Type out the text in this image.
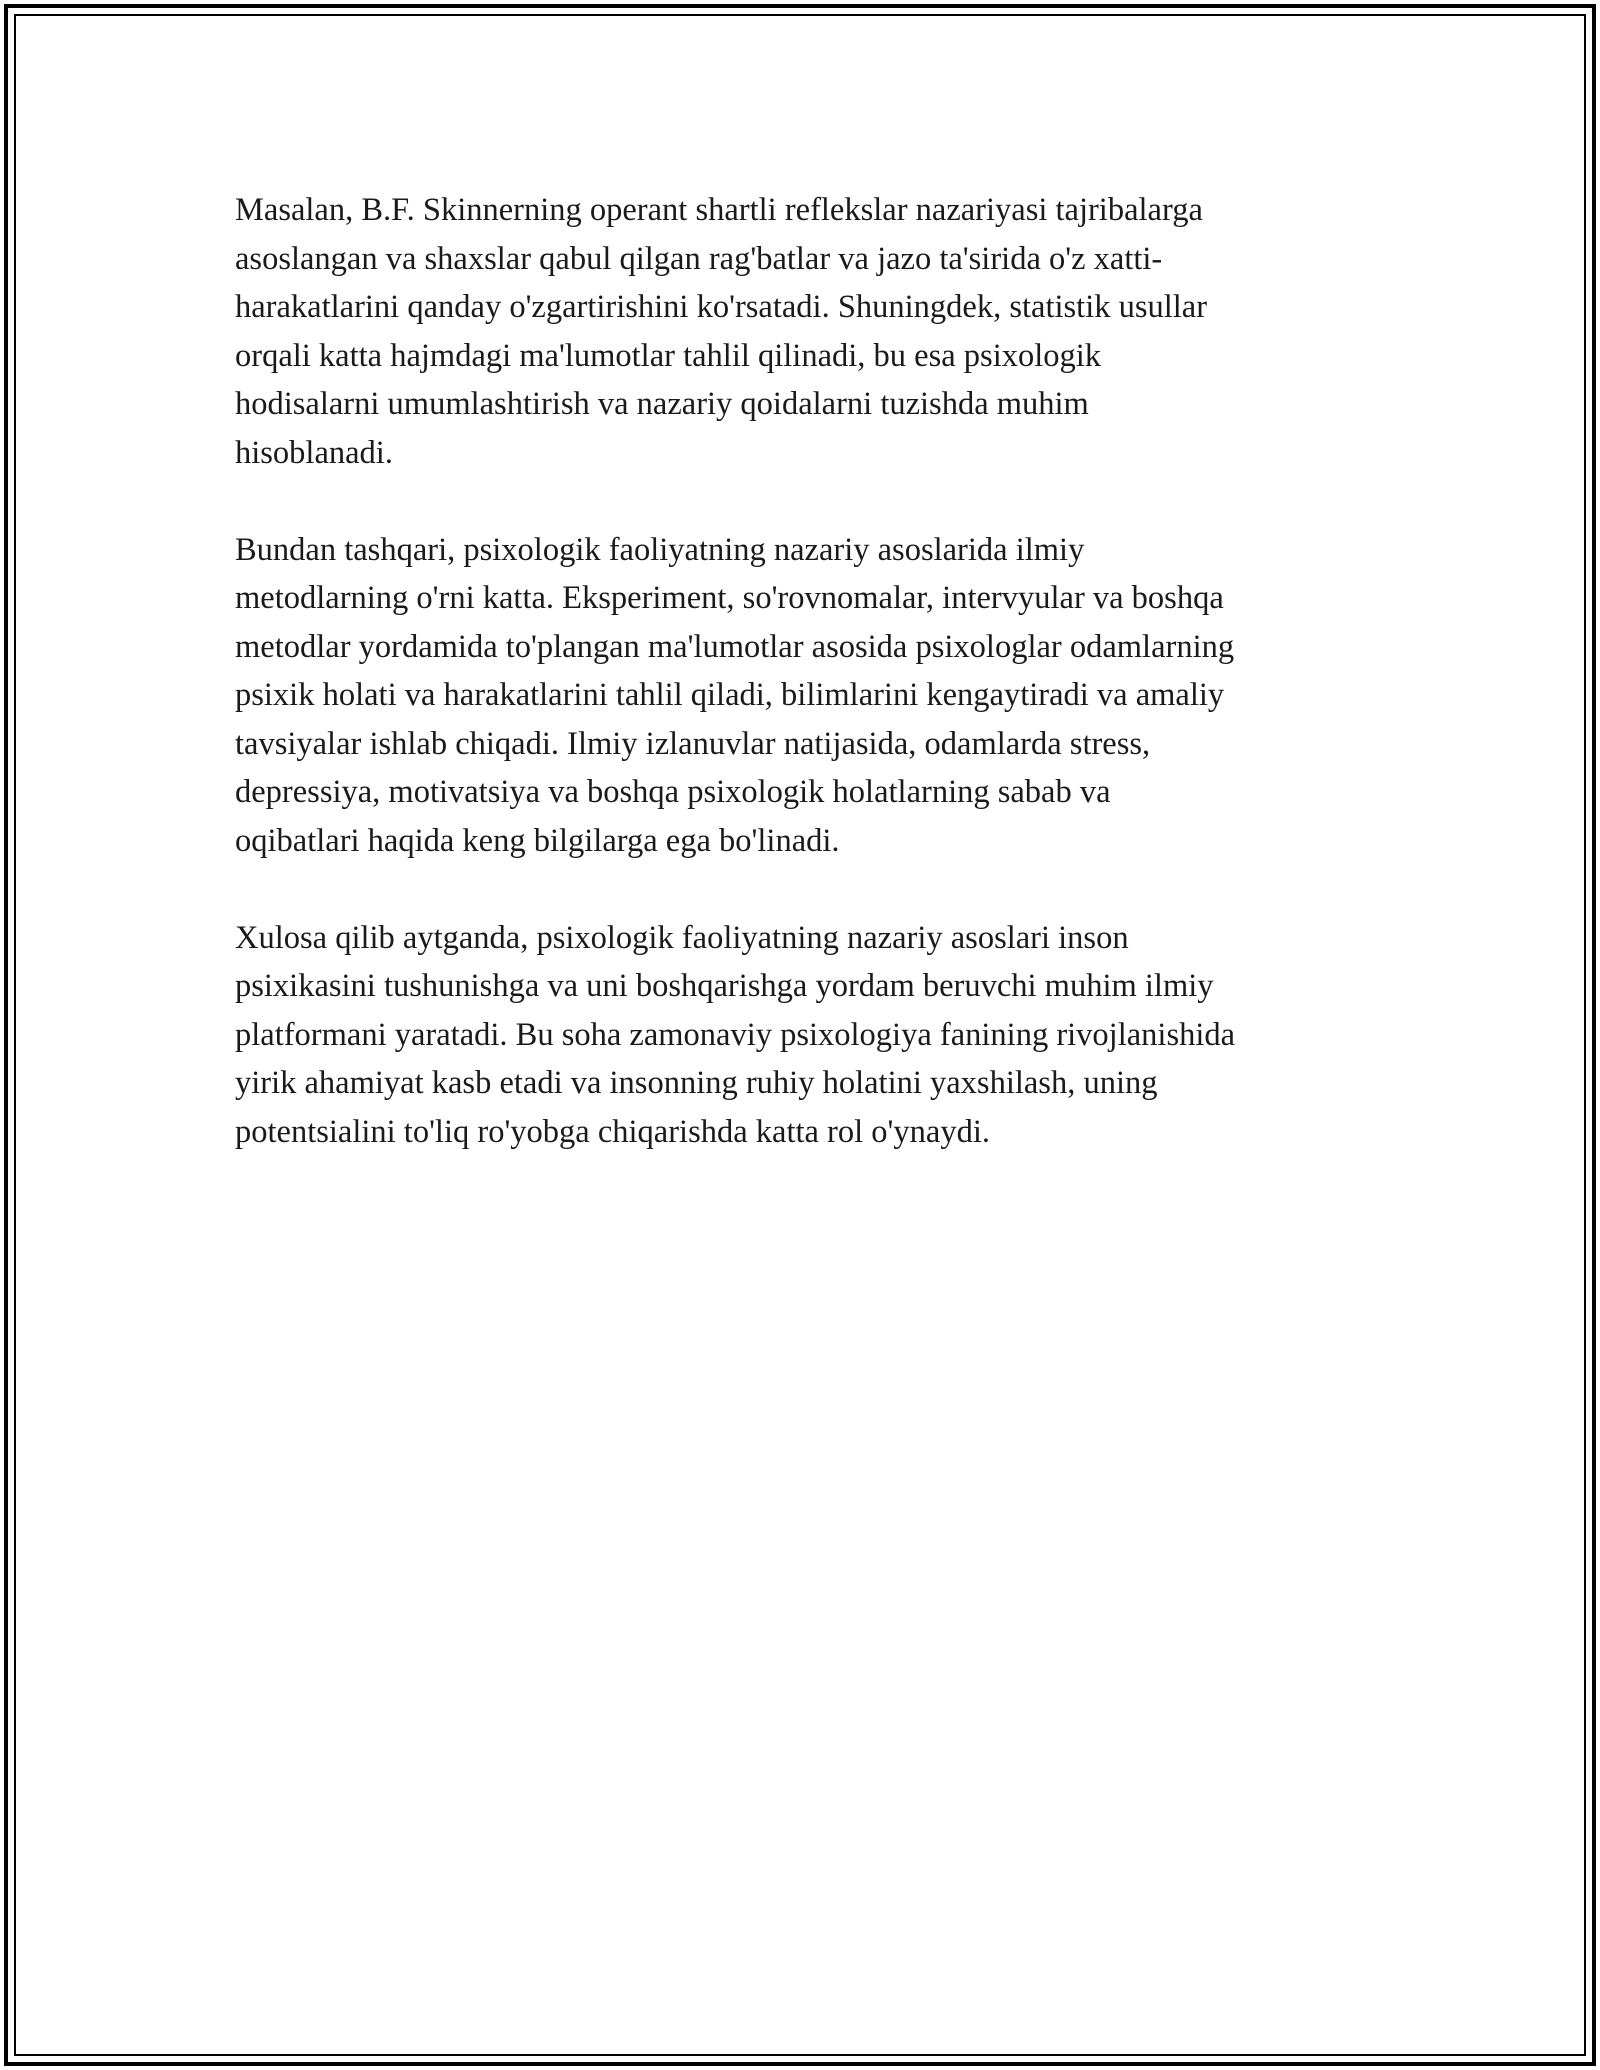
Masalan, B.F. Skinnerning operant shartli reflekslar nazariyasi tajribalarga
asoslangan va shaxslar qabul qilgan rag'batlar va jazo ta'sirida o'z xatti-
harakatlarini qanday o'zgartirishini ko'rsatadi. Shuningdek, statistik usullar
orqali katta hajmdagi ma'lumotlar tahlil qilinadi, bu esa psixologik
hodisalarni umumlashtirish va nazariy qoidalarni tuzishda muhim
hisoblanadi.

Bundan tashqari, psixologik faoliyatning nazariy asoslarida ilmiy
metodlarning o'rni katta. Eksperiment, so'rovnomalar, intervyular va boshqa
metodlar yordamida to'plangan ma'lumotlar asosida psixologlar odamlarning
psixik holati va harakatlarini tahlil qiladi, bilimlarini kengaytiradi va amaliy
tavsiyalar ishlab chiqadi. Ilmiy izlanuvlar natijasida, odamlarda stress,
depressiya, motivatsiya va boshqa psixologik holatlarning sabab va
oqibatlari haqida keng bilgilarga ega bo'linadi.

Xulosa qilib aytganda, psixologik faoliyatning nazariy asoslari inson
psixikasini tushunishga va uni boshqarishga yordam beruvchi muhim ilmiy
platformani yaratadi. Bu soha zamonaviy psixologiya fanining rivojlanishida
yirik ahamiyat kasb etadi va insonning ruhiy holatini yaxshilash, uning
potentsialini to'liq ro'yobga chiqarishda katta rol o'ynaydi.
